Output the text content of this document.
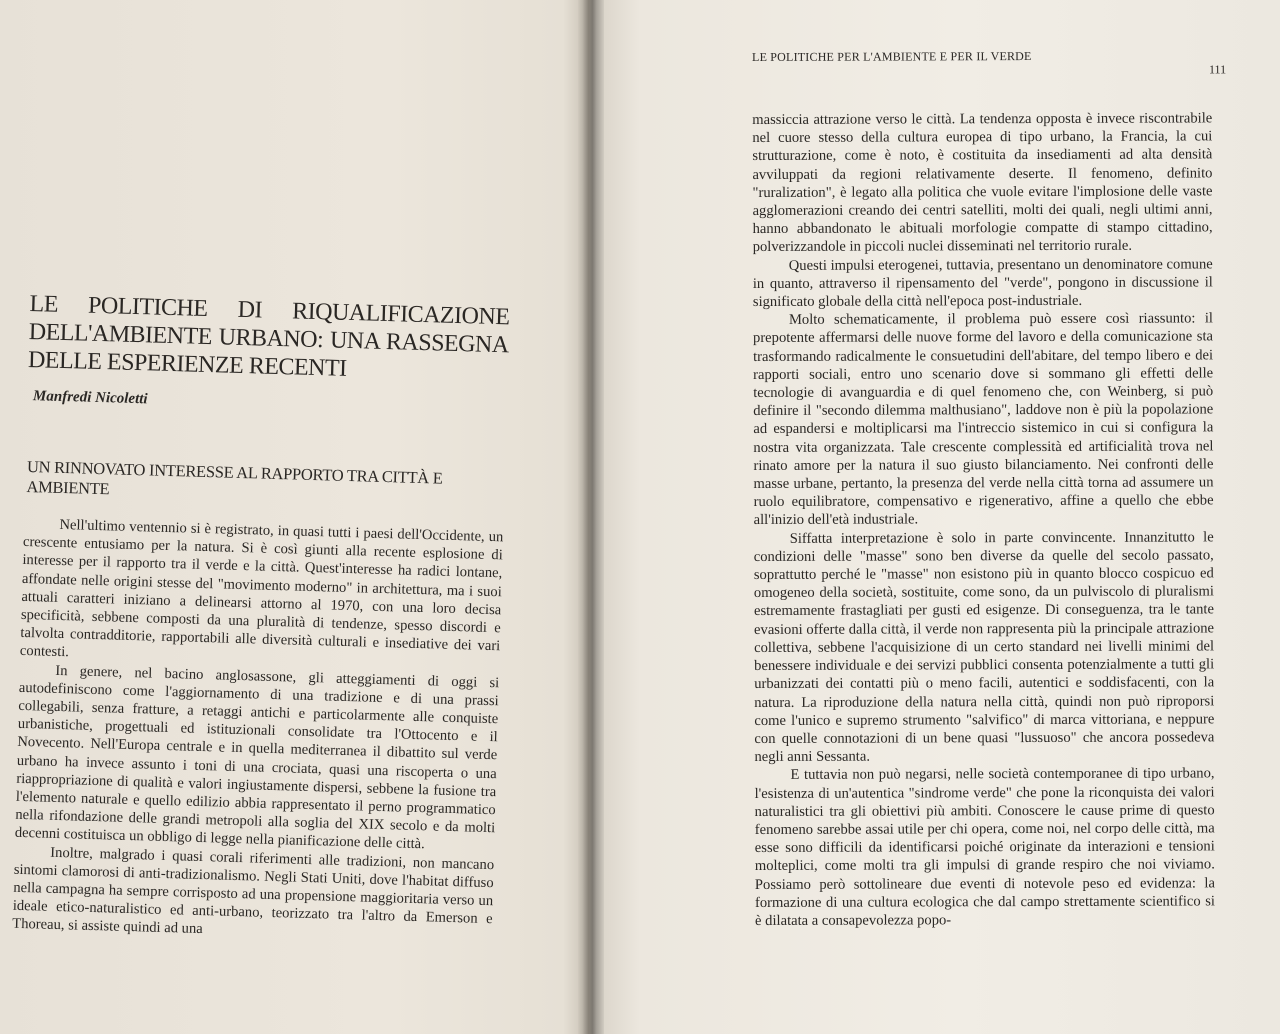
LE POLITICHE DI RIQUALIFICAZIONE DELL'AMBIENTE URBANO: UNA RASSEGNA DELLE ESPERIENZE RECENTI
Manfredi Nicoletti
UN RINNOVATO INTERESSE AL RAPPORTO TRA CITTÀ E AMBIENTE

Nell'ultimo ventennio si è registrato, in quasi tutti i paesi dell'Occidente, un crescente entusiamo per la natura. Si è così giunti alla recente esplosione di interesse per il rapporto tra il verde e la città. Quest'interesse ha radici lontane, affondate nelle origini stesse del "movimento moderno" in architettura, ma i suoi attuali caratteri iniziano a delinearsi attorno al 1970, con una loro decisa specificità, sebbene composti da una pluralità di tendenze, spesso discordi e talvolta contradditorie, rapportabili alle diversità culturali e insediative dei vari contesti.

In genere, nel bacino anglosassone, gli atteggiamenti di oggi si autodefiniscono come l'aggiornamento di una tradizione e di una prassi collegabili, senza fratture, a retaggi antichi e particolarmente alle conquiste urbanistiche, progettuali ed istituzionali consolidate tra l'Ottocento e il Novecento. Nell'Europa centrale e in quella mediterranea il dibattito sul verde urbano ha invece assunto i toni di una crociata, quasi una riscoperta o una riappropriazione di qualità e valori ingiustamente dispersi, sebbene la fusione tra l'elemento naturale e quello edilizio abbia rappresentato il perno programmatico nella rifondazione delle grandi metropoli alla soglia del XIX secolo e da molti decenni costituisca un obbligo di legge nella pianificazione delle città.

Inoltre, malgrado i quasi corali riferimenti alle tradizioni, non mancano sintomi clamorosi di anti-tradizionalismo. Negli Stati Uniti, dove l'habitat diffuso nella campagna ha sempre corrisposto ad una propensione maggioritaria verso un ideale etico-naturalistico ed anti-urbano, teorizzato tra l'altro da Emerson e Thoreau, si assiste quindi ad una

LE POLITICHE PER L'AMBIENTE E PER IL VERDE
111

massiccia attrazione verso le città. La tendenza opposta è invece riscontrabile nel cuore stesso della cultura europea di tipo urbano, la Francia, la cui strutturazione, come è noto, è costituita da insediamenti ad alta densità avviluppati da regioni relativamente deserte. Il fenomeno, definito "ruralization", è legato alla politica che vuole evitare l'implosione delle vaste agglomerazioni creando dei centri satelliti, molti dei quali, negli ultimi anni, hanno abbandonato le abituali morfologie compatte di stampo cittadino, polverizzandole in piccoli nuclei disseminati nel territorio rurale.

Questi impulsi eterogenei, tuttavia, presentano un denominatore comune in quanto, attraverso il ripensamento del "verde", pongono in discussione il significato globale della città nell'epoca post-industriale.

Molto schematicamente, il problema può essere così riassunto: il prepotente affermarsi delle nuove forme del lavoro e della comunicazione sta trasformando radicalmente le consuetudini dell'abitare, del tempo libero e dei rapporti sociali, entro uno scenario dove si sommano gli effetti delle tecnologie di avanguardia e di quel fenomeno che, con Weinberg, si può definire il "secondo dilemma malthusiano", laddove non è più la popolazione ad espandersi e moltiplicarsi ma l'intreccio sistemico in cui si configura la nostra vita organizzata. Tale crescente complessità ed artificialità trova nel rinato amore per la natura il suo giusto bilanciamento. Nei confronti delle masse urbane, pertanto, la presenza del verde nella città torna ad assumere un ruolo equilibratore, compensativo e rigenerativo, affine a quello che ebbe all'inizio dell'età industriale.

Siffatta interpretazione è solo in parte convincente. Innanzitutto le condizioni delle "masse" sono ben diverse da quelle del secolo passato, soprattutto perché le "masse" non esistono più in quanto blocco cospicuo ed omogeneo della società, sostituite, come sono, da un pulviscolo di pluralismi estremamente frastagliati per gusti ed esigenze. Di conseguenza, tra le tante evasioni offerte dalla città, il verde non rappresenta più la principale attrazione collettiva, sebbene l'acquisizione di un certo standard nei livelli minimi del benessere individuale e dei servizi pubblici consenta potenzialmente a tutti gli urbanizzati dei contatti più o meno facili, autentici e soddisfacenti, con la natura. La riproduzione della natura nella città, quindi non può riproporsi come l'unico e supremo strumento "salvifico" di marca vittoriana, e neppure con quelle connotazioni di un bene quasi "lussuoso" che ancora possedeva negli anni Sessanta.

E tuttavia non può negarsi, nelle società contemporanee di tipo urbano, l'esistenza di un'autentica "sindrome verde" che pone la riconquista dei valori naturalistici tra gli obiettivi più ambiti. Conoscere le cause prime di questo fenomeno sarebbe assai utile per chi opera, come noi, nel corpo delle città, ma esse sono difficili da identificarsi poiché originate da interazioni e tensioni molteplici, come molti tra gli impulsi di grande respiro che noi viviamo. Possiamo però sottolineare due eventi di notevole peso ed evidenza: la formazione di una cultura ecologica che dal campo strettamente scientifico si è dilatata a consapevolezza popo-
